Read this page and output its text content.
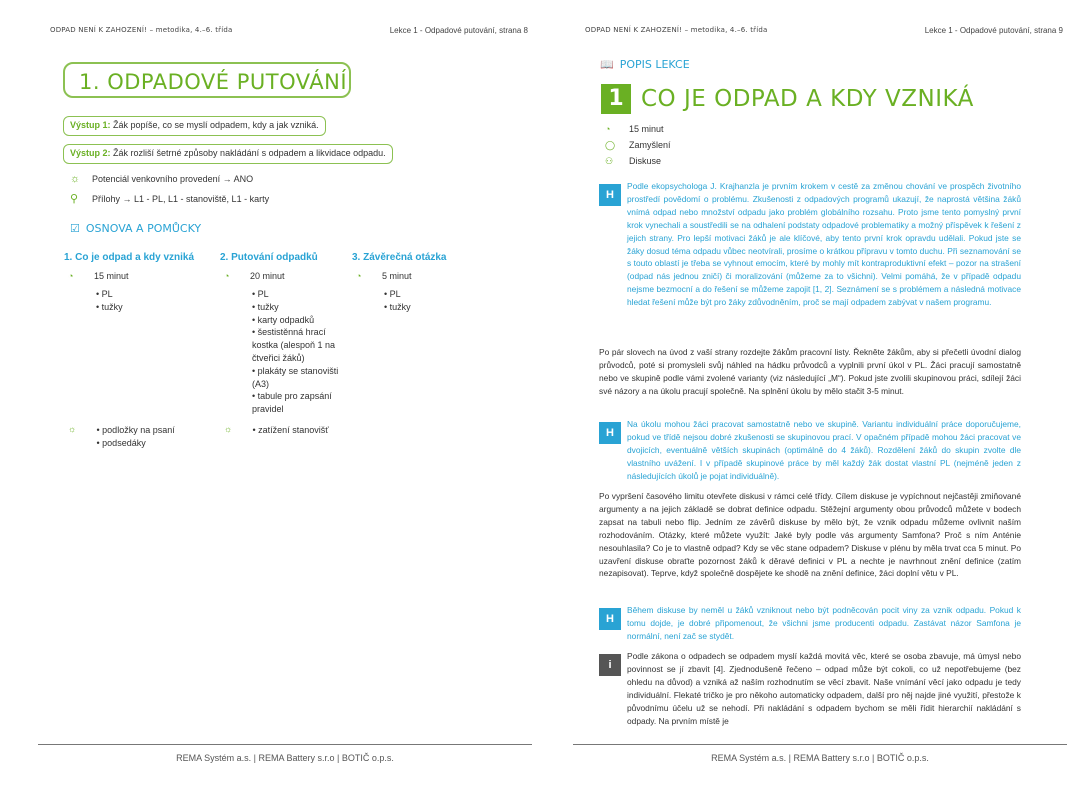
ODPAD NENÍ K ZAHOZENÍ! – metodika, 4.–6. třída	Lekce 1 - Odpadové putování, strana 8
1. ODPADOVÉ PUTOVÁNÍ
Výstup 1: Žák popíše, co se myslí odpadem, kdy a jak vzniká.
Výstup 2: Žák rozliší šetrné způsoby nakládání s odpadem a likvidace odpadu.
☼ Potenciál venkovního provedení → ANO
⚲ Přílohy → L1 - PL, L1 - stanoviště, L1 - karty
☑ OSNOVA A POMŮCKY
1. Co je odpad a kdy vzniká
◔ 15 minut
• PL
• tužky
☼	• podložky na psaní
• podsedáky
2. Putování odpadků
◔ 20 minut
• PL
• tužky
• karty odpadků
• šestistěnná hrací kostka (alespoň 1 na čtveřici žáků)
• plakáty se stanovišti (A3)
• tabule pro zapsání pravidel
☼	• zatížení stanovišť
3. Závěrečná otázka
◔ 5 minut
• PL
• tužky
REMA Systém a.s. | REMA Battery s.r.o | BOTIČ o.p.s.
ODPAD NENÍ K ZAHOZENÍ! – metodika, 4.–6. třída	Lekce 1 - Odpadové putování, strana 9
📖 POPIS LEKCE
1 CO JE ODPAD A KDY VZNIKÁ
◔ 15 minut
◯ Zamyšlení
⚇ Diskuse
H
Podle ekopsychologa J. Krajhanzla je prvním krokem v cestě za změnou chování ve prospěch životního prostředí povědomí o problému. Zkušenosti z odpadových programů ukazují, že naprostá většina žáků vnímá odpad nebo množství odpadu jako problém globálního rozsahu. Proto jsme tento pomyslný první krok vynechali a soustředili se na odhalení podstaty odpadové problematiky a možný příspěvek k řešení z jejich strany. Pro lepší motivaci žáků je ale klíčové, aby tento první krok opravdu udělali. Pokud jste se žáky dosud téma odpadu vůbec neotvírali, prosíme o krátkou přípravu v tomto duchu. Při seznamování se s touto oblastí je třeba se vyhnout emocím, které by mohly mít kontraproduktivní efekt – pozor na strašení (odpad nás jednou zničí) či moralizování (můžeme za to všichni). Velmi pomáhá, že v případě odpadu nejsme bezmocní a do řešení se můžeme zapojit [1, 2]. Seznámení se s problémem a následná motivace hledat řešení může být pro žáky zdůvodněním, proč se mají odpadem zabývat v našem programu.
Po pár slovech na úvod z vaší strany rozdejte žákům pracovní listy. Řekněte žákům, aby si přečetli úvodní dialog průvodců, poté si promysleli svůj náhled na hádku průvodců a vyplnili první úkol v PL. Žáci pracují samostatně nebo ve skupině podle vámi zvolené varianty (viz následující „M“). Pokud jste zvolili skupinovou práci, sdílejí žáci své názory a na úkolu pracují společně. Na splnění úkolu by mělo stačit 3-5 minut.
H
Na úkolu mohou žáci pracovat samostatně nebo ve skupině. Variantu individuální práce doporučujeme, pokud ve třídě nejsou dobré zkušenosti se skupinovou prací. V opačném případě mohou žáci pracovat ve dvojicích, eventuálně větších skupinách (optimálně do 4 žáků). Rozdělení žáků do skupin zvolte dle vlastního uvážení. I v případě skupinové práce by měl každý žák dostat vlastní PL (nejméně jeden z následujících úkolů je pojat individuálně).
Po vypršení časového limitu otevřete diskusi v rámci celé třídy. Cílem diskuse je vypíchnout nejčastěji zmiňované argumenty a na jejich základě se dobrat definice odpadu. Stěžejní argumenty obou průvodců můžete v bodech zapsat na tabuli nebo flip. Jedním ze závěrů diskuse by mělo být, že vznik odpadu můžeme ovlivnit naším rozhodováním. Otázky, které můžete využít: Jaké byly podle vás argumenty Samfona? Proč s ním Anténie nesouhlasila? Co je to vlastně odpad? Kdy se věc stane odpadem? Diskuse v plénu by měla trvat cca 5 minut. Po uzavření diskuse obraťte pozornost žáků k děravé definici v PL a nechte je navrhnout znění definice (zatím nezapisovat). Teprve, když společně dospějete ke shodě na znění definice, žáci doplní větu v PL.
H
Během diskuse by neměl u žáků vzniknout nebo být podněcován pocit viny za vznik odpadu. Pokud k tomu dojde, je dobré připomenout, že všichni jsme producenti odpadu. Zastávat názor Samfona je normální, není zač se stydět.
i
Podle zákona o odpadech se odpadem myslí každá movitá věc, které se osoba zbavuje, má úmysl nebo povinnost se jí zbavit [4]. Zjednodušeně řečeno – odpad může být cokoli, co už nepotřebujeme (bez ohledu na důvod) a vzniká až naším rozhodnutím se věcí zbavit. Naše vnímání věcí jako odpadu je tedy individuální. Flekaté tričko je pro někoho automaticky odpadem, další pro něj najde jiné využití, přestože k původnímu účelu už se nehodí. Při nakládání s odpadem bychom se měli řídit hierarchií nakládání s odpady. Na prvním místě je
REMA Systém a.s. | REMA Battery s.r.o | BOTIČ o.p.s.
